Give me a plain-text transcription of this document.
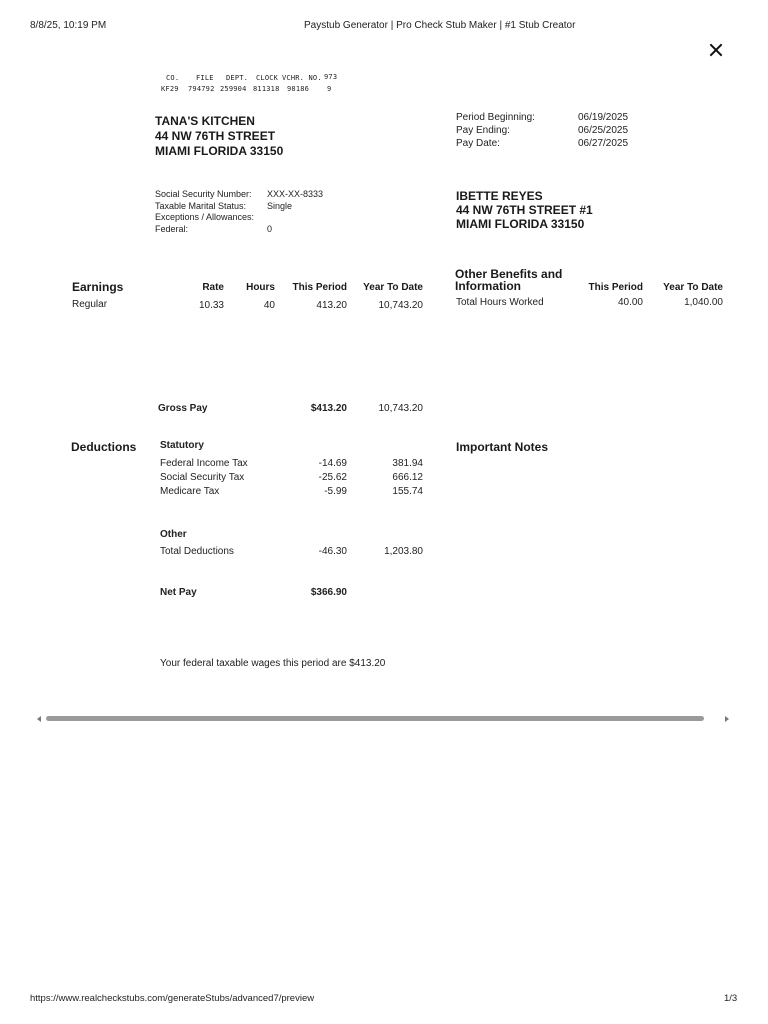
8/8/25, 10:19 PM	Paystub Generator | Pro Check Stub Maker | #1 Stub Creator
CO. FILE DEPT. CLOCK VCHR. NO. 973
KF29 794792 259904 811318 98186	9
TANA'S KITCHEN
44 NW 76TH STREET
MIAMI FLORIDA 33150
Period Beginning:	06/19/2025
Pay Ending:	06/25/2025
Pay Date:	06/27/2025
Social Security Number: XXX-XX-8333
Taxable Marital Status: Single
Exceptions / Allowances:
Federal:	0
IBETTE REYES
44 NW 76TH STREET #1
MIAMI FLORIDA 33150
Earnings	Rate	Hours	This Period	Year To Date
Regular	10.33	40	413.20	10,743.20
Other Benefits and
Information	This Period	Year To Date
Total Hours Worked	40.00	1,040.00
Gross Pay	$413.20	10,743.20
Deductions Statutory
Federal Income Tax	-14.69	381.94
Social Security Tax	-25.62	666.12
Medicare Tax	-5.99	155.74
Other
Total Deductions	-46.30	1,203.80
Important Notes
Net Pay	$366.90
Your federal taxable wages this period are $413.20
https://www.realcheckstubs.com/generateStubs/advanced7/preview	1/3
